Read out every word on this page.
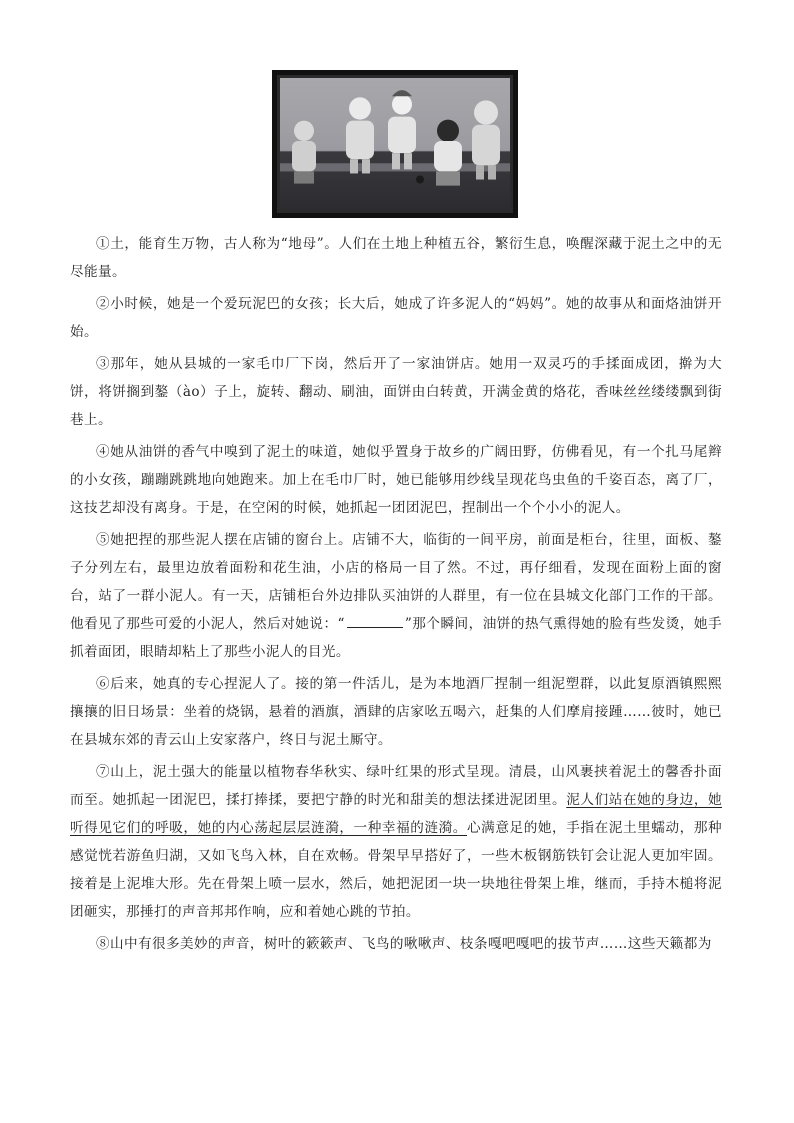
①土，能育生万物，古人称为“地母”。人们在土地上种植五谷，繁衍生息，唤醒深藏于泥土之中的无尽能量。

②小时候，她是一个爱玩泥巴的女孩；长大后，她成了许多泥人的“妈妈”。她的故事从和面烙油饼开始。

③那年，她从县城的一家毛巾厂下岗，然后开了一家油饼店。她用一双灵巧的手揉面成团，擀为大饼，将饼搁到鏊（ào）子上，旋转、翻动、刷油，面饼由白转黄，开满金黄的烙花，香味丝丝缕缕飘到街巷上。

④她从油饼的香气中嗅到了泥土的味道，她似乎置身于故乡的广阔田野，仿佛看见，有一个扎马尾辫的小女孩，蹦蹦跳跳地向她跑来。加上在毛巾厂时，她已能够用纱线呈现花鸟虫鱼的千姿百态，离了厂，这技艺却没有离身。于是，在空闲的时候，她抓起一团团泥巴，捏制出一个个小小的泥人。

⑤她把捏的那些泥人摆在店铺的窗台上。店铺不大，临街的一间平房，前面是柜台，往里，面板、鏊子分列左右，最里边放着面粉和花生油，小店的格局一目了然。不过，再仔细看，发现在面粉上面的窗台，站了一群小泥人。有一天，店铺柜台外边排队买油饼的人群里，有一位在县城文化部门工作的干部。他看见了那些可爱的小泥人，然后对她说：“	”那个瞬间，油饼的热气熏得她的脸有些发烫，她手抓着面团，眼睛却粘上了那些小泥人的目光。

⑥后来，她真的专心捏泥人了。接的第一件活儿，是为本地酒厂捏制一组泥塑群，以此复原酒镇熙熙攘攘的旧日场景：坐着的烧锅，悬着的酒旗，酒肆的店家吆五喝六，赶集的人们摩肩接踵……彼时，她已在县城东郊的青云山上安家落户，终日与泥土厮守。

⑦山上，泥土强大的能量以植物春华秋实、绿叶红果的形式呈现。清晨，山风裹挟着泥土的馨香扑面而至。她抓起一团泥巴，揉打捧揉，要把宁静的时光和甜美的想法揉进泥团里。泥人们站在她的身边，她听得见它们的呼吸，她的内心荡起层层涟漪，一种幸福的涟漪。心满意足的她，手指在泥土里蠕动，那种感觉恍若游鱼归湖，又如飞鸟入林，自在欢畅。骨架早早搭好了，一些木板钢筋铁钉会让泥人更加牢固。接着是上泥堆大形。先在骨架上喷一层水，然后，她把泥团一块一块地往骨架上堆，继而，手持木槌将泥团砸实，那捶打的声音邦邦作响，应和着她心跳的节拍。

⑧山中有很多美妙的声音，树叶的簌簌声、飞鸟的啾啾声、枝条嘎吧嘎吧的拔节声……这些天籁都为
